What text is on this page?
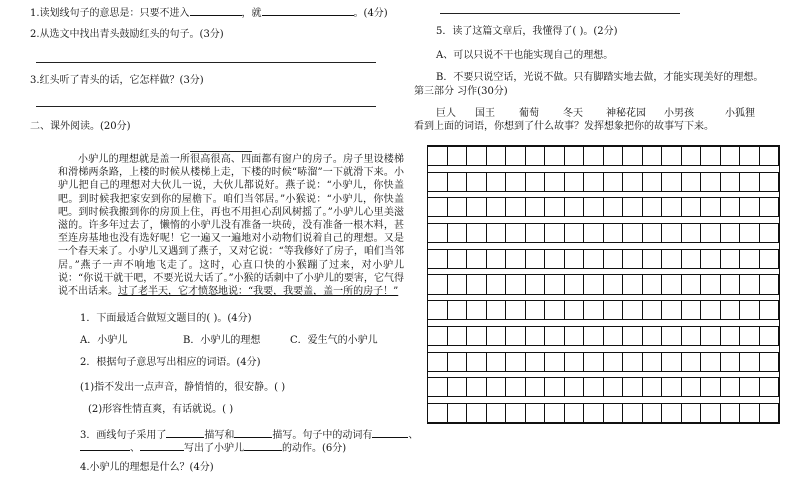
1.读划线句子的意思是：只要不进入	，就	。(4分)
2.从选文中找出青头鼓励红头的句子。(3分)
3.红头听了青头的话，它怎样做？(3分)
二、课外阅读。(20分)
小驴儿的理想就是盖一所很高很高、四面都有窗户的房子。房子里设楼梯和滑梯两条路，上楼的时候从楼梯上走，下楼的时候“哧溜”一下就滑下来。小驴儿把自己的理想对大伙儿一说，大伙儿都说好。燕子说：“小驴儿，你快盖吧。到时候我把家安到你的屋檐下。咱们当邻居。”小猴说：“小驴儿，你快盖吧。到时候我搬到你的房顶上住，再也不用担心刮风树摇了。”小驴儿心里美滋滋的。许多年过去了，懒惰的小驴儿没有准备一块砖，没有准备一根木料，甚至连房基地也没有选好呢！它一遍又一遍地对小动物们说着自己的理想。又是一个春天来了。小驴儿又遇到了燕子，又对它说：“等我修好了房子，咱们当邻居。”燕子一声不响地飞走了。这时，心直口快的小猴蹦了过来，对小驴儿说：“你说干就干吧，不要光说大话了。”小猴的话刺中了小驴儿的要害，它气得说不出话来。过了老半天，它才愤怒地说：“我要，我要盖，盖一所的房子！”
1．下面最适合做短文题目的( )。(4分)
A．小驴儿	B．小驴儿的理想	C．爱生气的小驴儿
2．根据句子意思写出相应的词语。(4分)
(1)指不发出一点声音，静悄悄的，很安静。( )
(2)形容性情直爽，有话就说。( )
3．画线句子采用了	描写和	描写。句子中的动词有	、
、	写出了小驴儿	的动作。(6分)
4.小驴儿的理想是什么？(4分)
5．读了这篇文章后，我懂得了( )。(2分)
A、可以只说不干也能实现自己的理想。
B．不要只说空话，光说不做。只有脚踏实地去做，才能实现美好的理想。
第三部分 习作(30分)
巨人 国王 葡萄 冬天 神秘花园 小男孩	小狐狸
看到上面的词语，你想到了什么故事？发挥想象把你的故事写下来。
